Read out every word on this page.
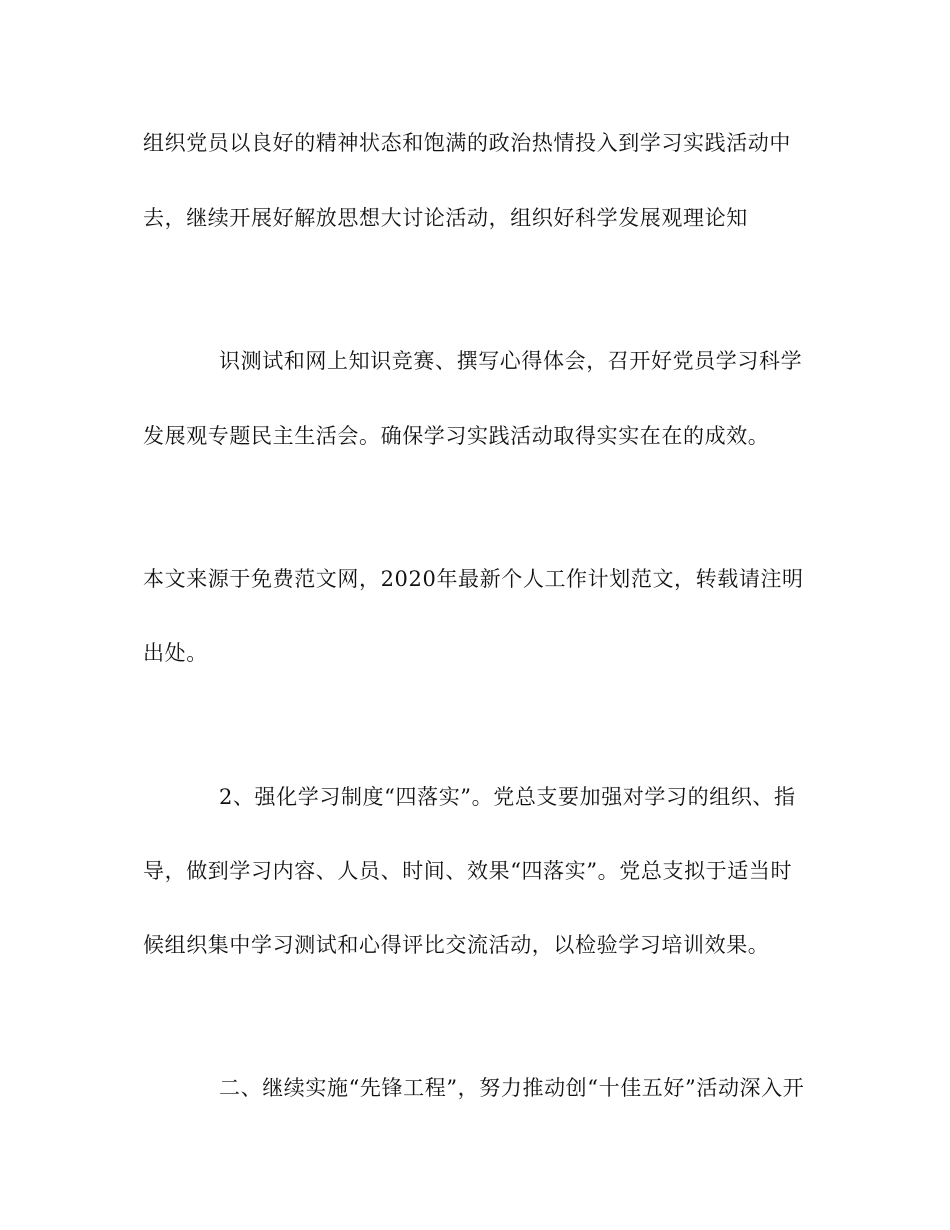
组织党员以良好的精神状态和饱满的政治热情投入到学习实践活动中
去，继续开展好解放思想大讨论活动，组织好科学发展观理论知
识测试和网上知识竞赛、撰写心得体会，召开好党员学习科学
发展观专题民主生活会。确保学习实践活动取得实实在在的成效。
本文来源于免费范文网，2020年最新个人工作计划范文，转载请注明
出处。
2、强化学习制度“四落实”。党总支要加强对学习的组织、指
导，做到学习内容、人员、时间、效果“四落实”。党总支拟于适当时
候组织集中学习测试和心得评比交流活动，以检验学习培训效果。
二、继续实施“先锋工程”，努力推动创“十佳五好”活动深入开
